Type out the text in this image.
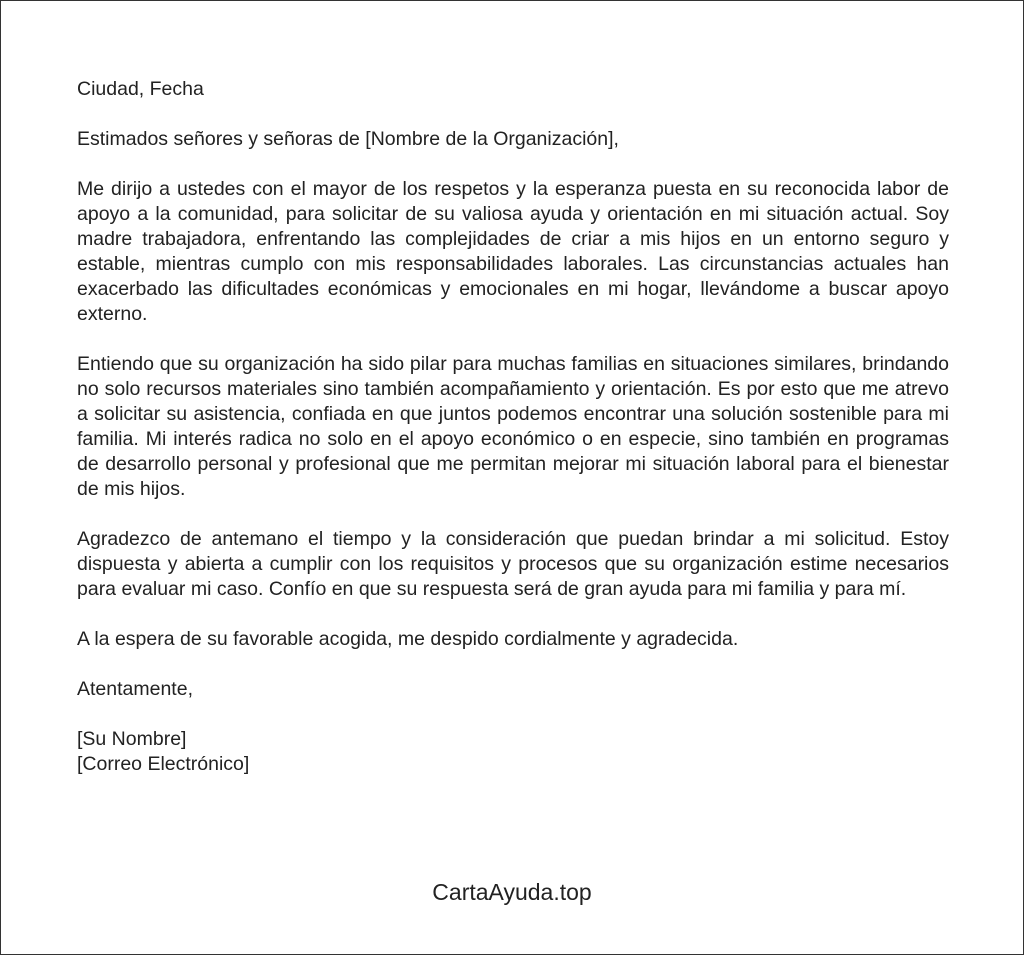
Ciudad, Fecha

Estimados señores y señoras de [Nombre de la Organización],

Me dirijo a ustedes con el mayor de los respetos y la esperanza puesta en su reconocida labor de apoyo a la comunidad, para solicitar de su valiosa ayuda y orientación en mi situación actual. Soy madre trabajadora, enfrentando las complejidades de criar a mis hijos en un entorno seguro y estable, mientras cumplo con mis responsabilidades laborales. Las circunstancias actuales han exacerbado las dificultades económicas y emocionales en mi hogar, llevándome a buscar apoyo externo.

Entiendo que su organización ha sido pilar para muchas familias en situaciones similares, brindando no solo recursos materiales sino también acompañamiento y orientación. Es por esto que me atrevo a solicitar su asistencia, confiada en que juntos podemos encontrar una solución sostenible para mi familia. Mi interés radica no solo en el apoyo económico o en especie, sino también en programas de desarrollo personal y profesional que me permitan mejorar mi situación laboral para el bienestar de mis hijos.

Agradezco de antemano el tiempo y la consideración que puedan brindar a mi solicitud. Estoy dispuesta y abierta a cumplir con los requisitos y procesos que su organización estime necesarios para evaluar mi caso. Confío en que su respuesta será de gran ayuda para mi familia y para mí.

A la espera de su favorable acogida, me despido cordialmente y agradecida.

Atentamente,

[Su Nombre]
[Correo Electrónico]
CartaAyuda.top
